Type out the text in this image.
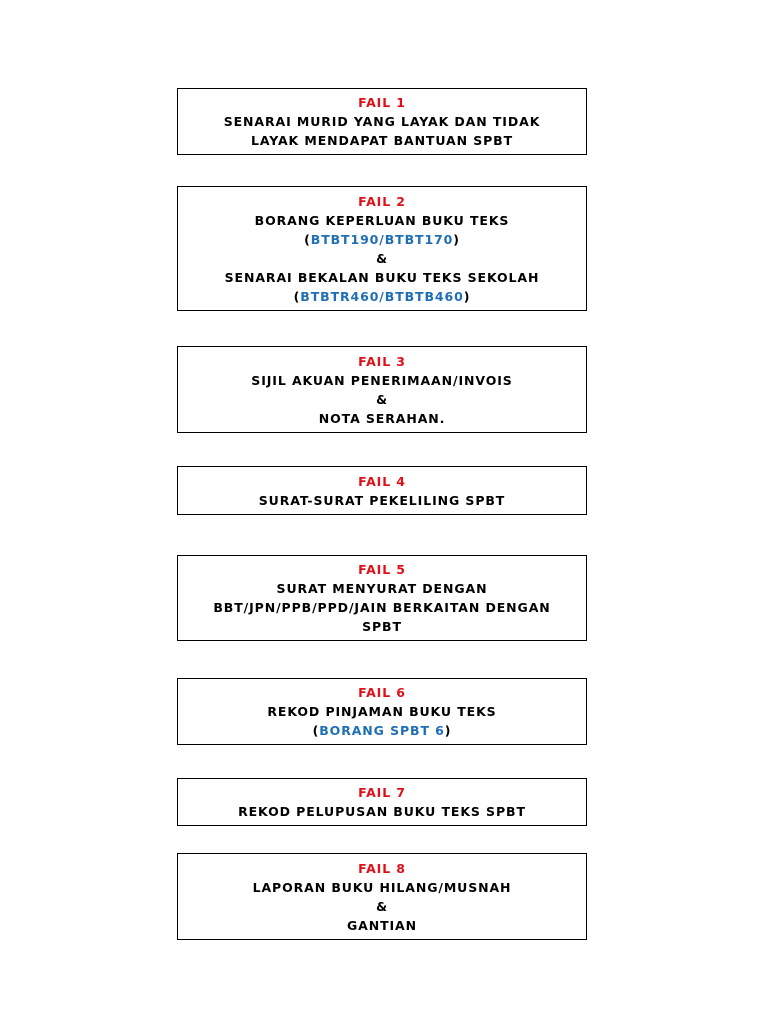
FAIL 1
SENARAI MURID YANG LAYAK DAN TIDAK
LAYAK MENDAPAT BANTUAN SPBT
FAIL 2
BORANG KEPERLUAN BUKU TEKS
(BTBT190/BTBT170)
&
SENARAI BEKALAN BUKU TEKS SEKOLAH
(BTBTR460/BTBTB460)
FAIL 3
SIJIL AKUAN PENERIMAAN/INVOIS
&
NOTA SERAHAN.
FAIL 4
SURAT-SURAT PEKELILING SPBT
FAIL 5
SURAT MENYURAT DENGAN
BBT/JPN/PPB/PPD/JAIN BERKAITAN DENGAN
SPBT
FAIL 6
REKOD PINJAMAN BUKU TEKS
(BORANG SPBT 6)
FAIL 7
REKOD PELUPUSAN BUKU TEKS SPBT
FAIL 8
LAPORAN BUKU HILANG/MUSNAH
&
GANTIAN
